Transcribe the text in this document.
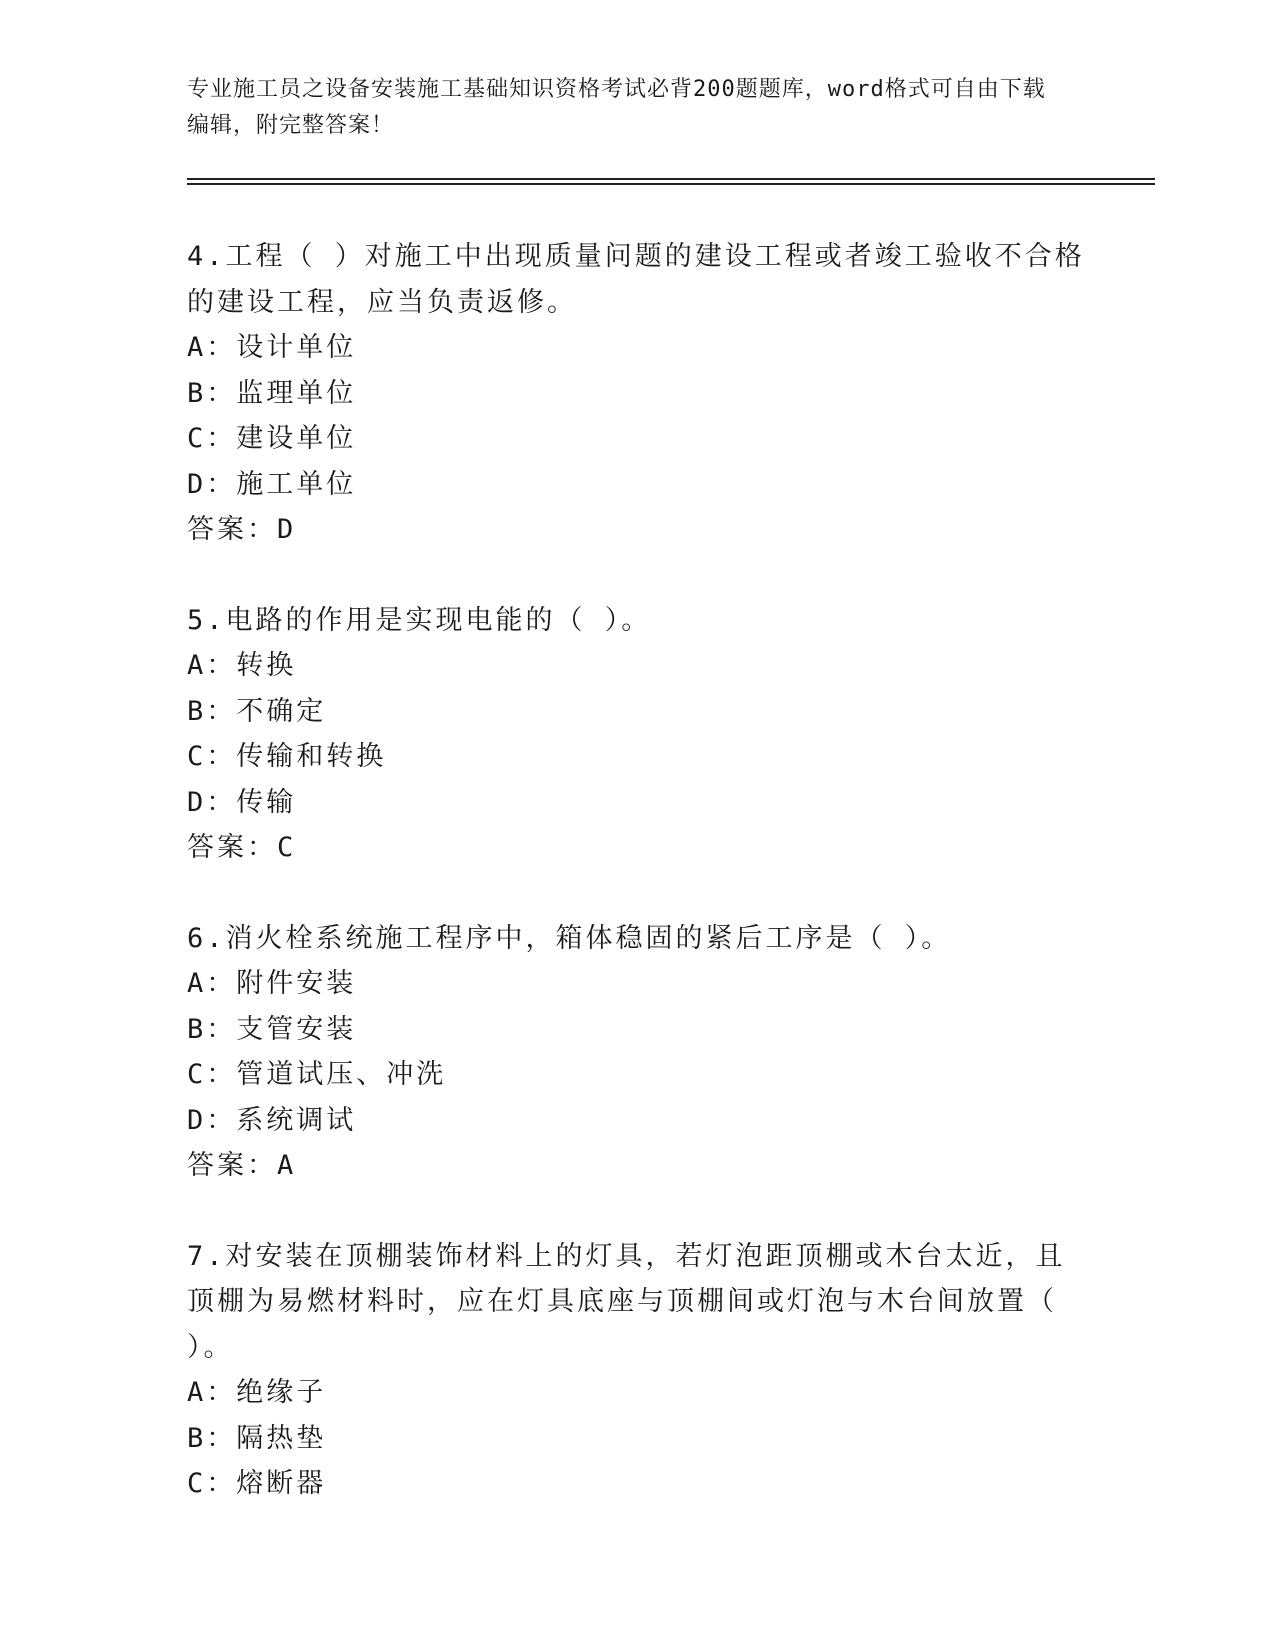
专业施工员之设备安装施工基础知识资格考试必背200题题库，word格式可自由下载编辑，附完整答案！

4.工程（ ）对施工中出现质量问题的建设工程或者竣工验收不合格的建设工程，应当负责返修。

A：设计单位

B：监理单位

C：建设单位

D：施工单位

答案：D

5.电路的作用是实现电能的（ ）。

A：转换

B：不确定

C：传输和转换

D：传输

答案：C

6.消火栓系统施工程序中，箱体稳固的紧后工序是（ ）。

A：附件安装

B：支管安装

C：管道试压、冲洗

D：系统调试

答案：A

7.对安装在顶棚装饰材料上的灯具，若灯泡距顶棚或木台太近，且顶棚为易燃材料时，应在灯具底座与顶棚间或灯泡与木台间放置（ ）。

A：绝缘子

B：隔热垫

C：熔断器
